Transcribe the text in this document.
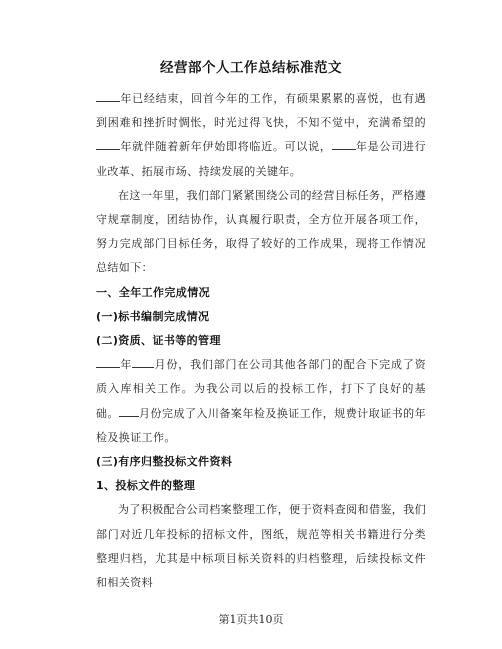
经营部个人工作总结标准范文

年已经结束，回首今年的工作，有硕果累累的喜悦，也有遇到困难和挫折时惆怅，时光过得飞快，不知不觉中，充满希望的年就伴随着新年伊始即将临近。可以说， 年是公司进行业改革、拓展市场、持续发展的关键年。

在这一年里，我们部门紧紧围绕公司的经营目标任务，严格遵守规章制度，团结协作，认真履行职责，全方位开展各项工作，努力完成部门目标任务，取得了较好的工作成果，现将工作情况总结如下：

一、全年工作完成情况

(一)标书编制完成情况

(二)资质、证书等的管理

年 月份，我们部门在公司其他各部门的配合下完成了资质入库相关工作。为我公司以后的投标工作，打下了良好的基础。 月份完成了入川备案年检及换证工作，规费计取证书的年检及换证工作。

(三)有序归整投标文件资料

1、投标文件的整理

为了积极配合公司档案整理工作，便于资料查阅和借鉴，我们部门对近几年投标的招标文件，图纸，规范等相关书籍进行分类整理归档，尤其是中标项目标关资料的归档整理，后续投标文件和相关资料

第1页共10页
